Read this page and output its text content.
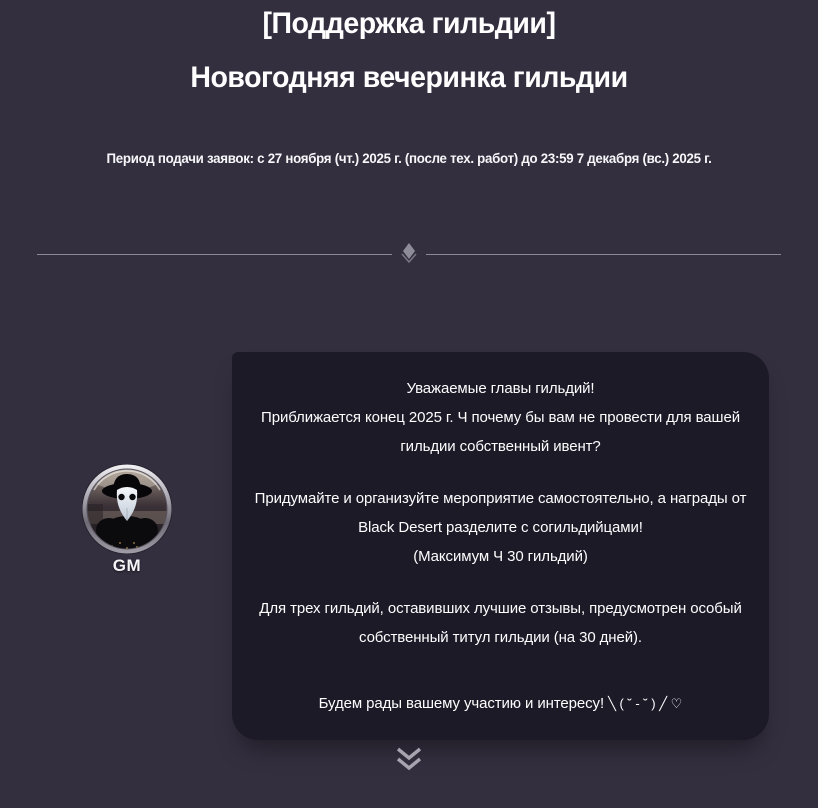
[Поддержка гильдии]
Новогодняя вечеринка гильдии
Период подачи заявок: с 27 ноября (чт.) 2025 г. (после тех. работ) до 23:59 7 декабря (вс.) 2025 г.
GM
Уважаемые главы гильдий!
Приближается конец 2025 г. Ч почему бы вам не провести для вашей гильдии собственный ивент?
Придумайте и организуйте мероприятие самостоятельно, а награды от Black Desert разделите с согильдийцами!
(Максимум Ч 30 гильдий)
Для трех гильдий, оставивших лучшие отзывы, предусмотрен особый собственный титул гильдии (на 30 дней).
Будем рады вашему участию и интересу! ╲ ( ˘ - ˘ ) ╱ ♡
